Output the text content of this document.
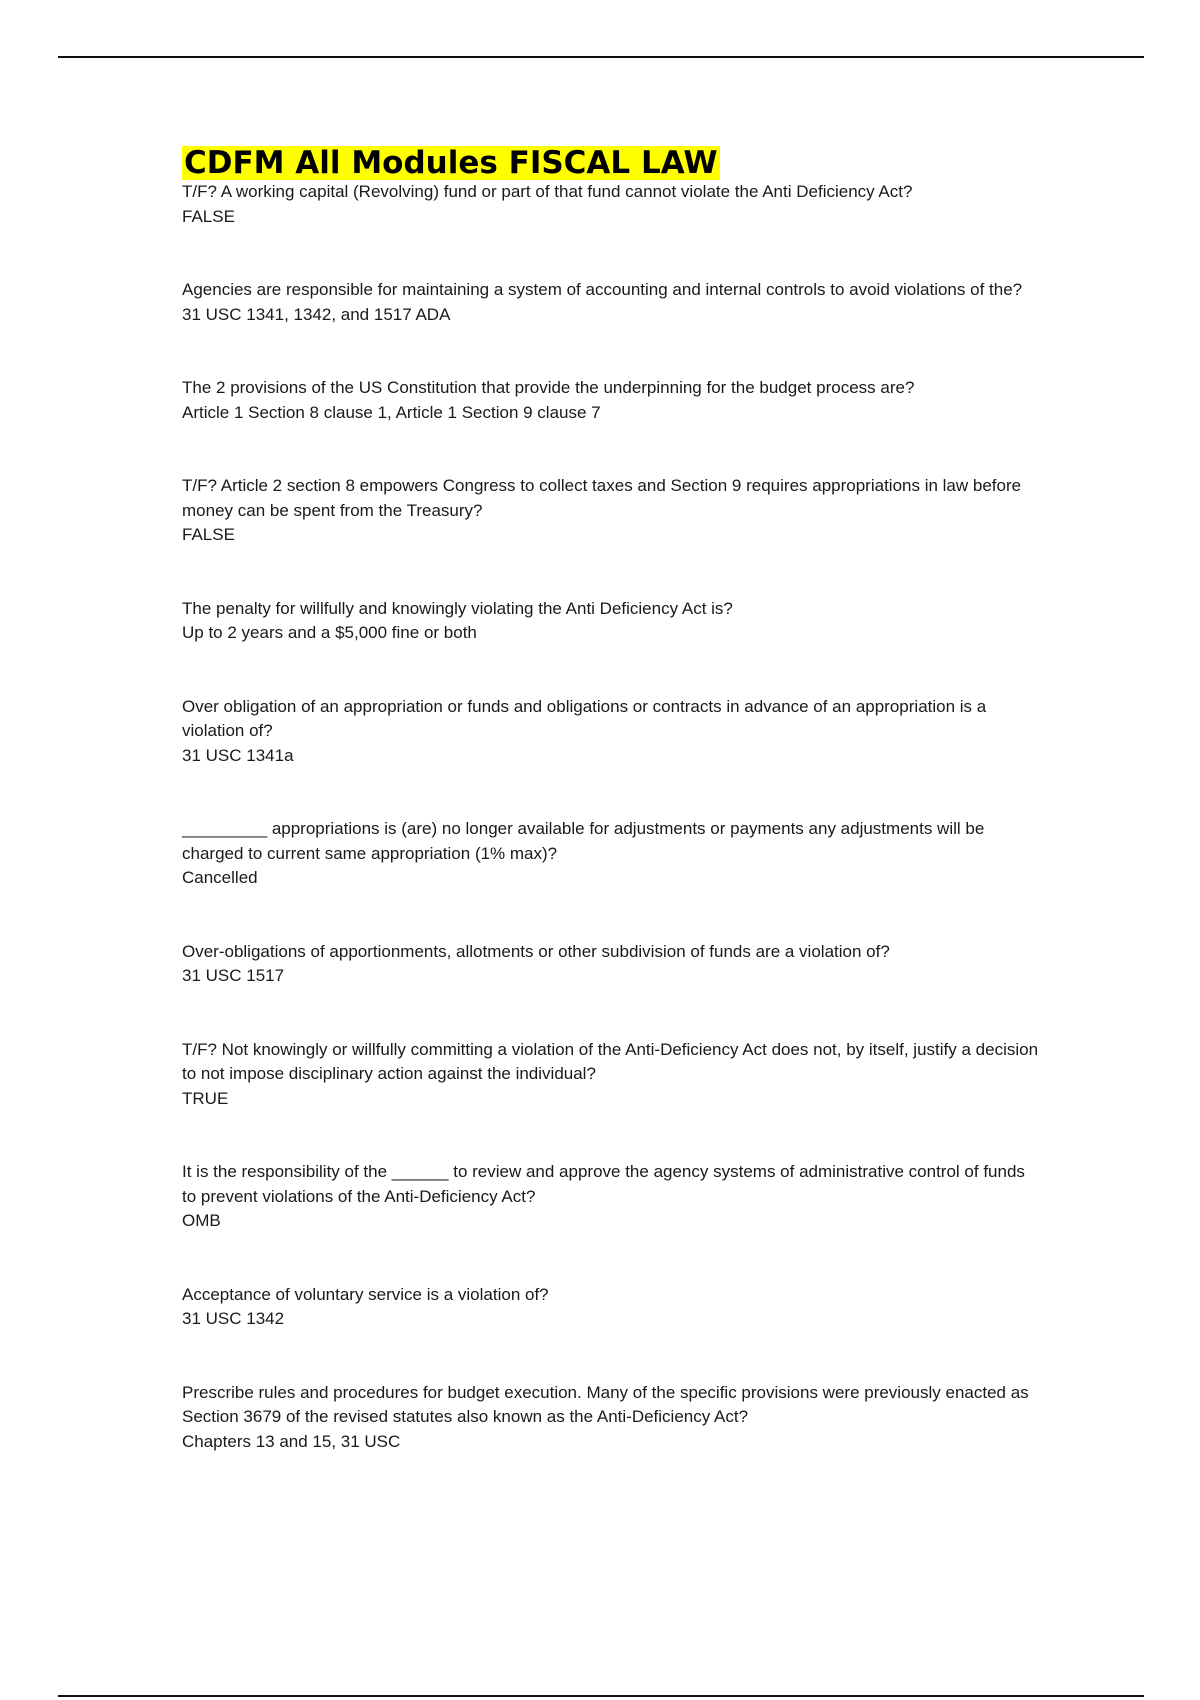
CDFM All Modules FISCAL LAW

T/F? A working capital (Revolving) fund or part of that fund cannot violate the Anti Deficiency Act?

FALSE

Agencies are responsible for maintaining a system of accounting and internal controls to avoid violations of the?

31 USC 1341, 1342, and 1517 ADA

The 2 provisions of the US Constitution that provide the underpinning for the budget process are?

Article 1 Section 8 clause 1, Article 1 Section 9 clause 7

T/F? Article 2 section 8 empowers Congress to collect taxes and Section 9 requires appropriations in law before money can be spent from the Treasury?

FALSE

The penalty for willfully and knowingly violating the Anti Deficiency Act is?

Up to 2 years and a $5,000 fine or both

Over obligation of an appropriation or funds and obligations or contracts in advance of an appropriation is a violation of?

31 USC 1341a

_________ appropriations is (are) no longer available for adjustments or payments any adjustments will be charged to current same appropriation (1% max)?

Cancelled

Over-obligations of apportionments, allotments or other subdivision of funds are a violation of?

31 USC 1517

T/F? Not knowingly or willfully committing a violation of the Anti-Deficiency Act does not, by itself, justify a decision to not impose disciplinary action against the individual?

TRUE

It is the responsibility of the ______ to review and approve the agency systems of administrative control of funds to prevent violations of the Anti-Deficiency Act?

OMB

Acceptance of voluntary service is a violation of?

31 USC 1342

Prescribe rules and procedures for budget execution. Many of the specific provisions were previously enacted as Section 3679 of the revised statutes also known as the Anti-Deficiency Act?

Chapters 13 and 15, 31 USC
